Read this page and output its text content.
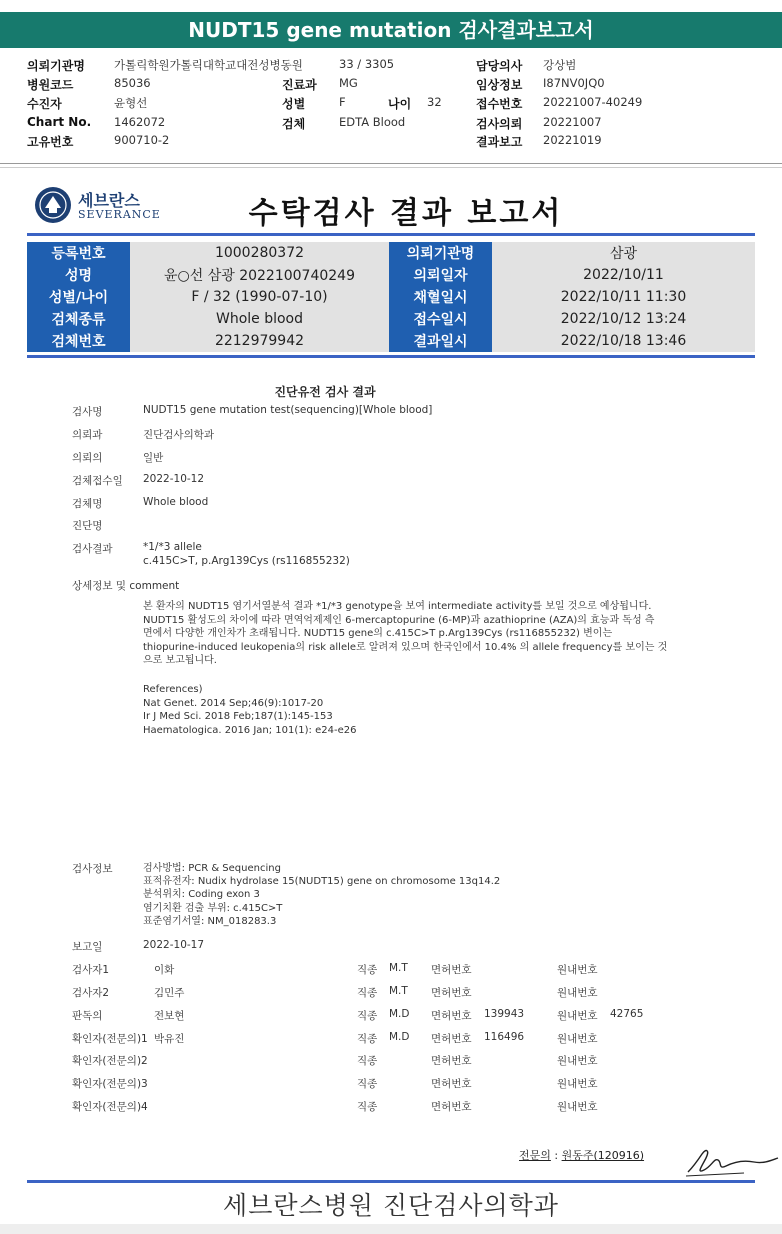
NUDT15 gene mutation 검사결과보고서
의뢰기관명	가톨릭학원가톨릭대학교대전성병동원	33 / 3305	담당의사 강상범
병원코드	85036	진료과 MG	임상정보 I87NV0JQ0
수진자	윤형선	성별	F	나이 32	접수번호 20221007-40249
Chart No. 1462072	검체	EDTA Blood	검사의뢰 20221007
고유번호	900710-2	결과보고 20221019
세브란스
SEVERANCE	수탁검사 결과 보고서
등록번호	1000280372	의뢰기관명	삼광
성명	윤○선 삼광 2022100740249	의뢰일자	2022/10/11
성별/나이	F / 32 (1990-07-10)	채혈일시	2022/10/11 11:30
검체종류	Whole blood	접수일시	2022/10/12 13:24
검체번호	2212979942	결과일시	2022/10/18 13:46
진단유전 검사 결과
검사명	NUDT15 gene mutation test(sequencing)[Whole blood]
의뢰과	진단검사의학과
의뢰의	일반
검체접수일 2022-10-12
검체명	Whole blood
진단명
검사결과	*1/*3 allele
c.415C>T, p.Arg139Cys (rs116855232)
상세정보 및 comment
본 환자의 NUDT15 염기서열분석 결과 *1/*3 genotype을 보여 intermediate activity를 보일 것으로 예상됩니다.
NUDT15 활성도의 차이에 따라 면역억제제인 6-mercaptopurine (6-MP)과 azathioprine (AZA)의 효능과 독성 측
면에서 다양한 개인차가 초래됩니다. NUDT15 gene의 c.415C>T p.Arg139Cys (rs116855232) 변이는
thiopurine-induced leukopenia의 risk allele로 알려져 있으며 한국인에서 10.4% 의 allele frequency를 보이는 것
으로 보고됩니다.
References)
Nat Genet. 2014 Sep;46(9):1017-20
Ir J Med Sci. 2018 Feb;187(1):145-153
Haematologica. 2016 Jan; 101(1): e24-e26
검사정보	검사방법: PCR & Sequencing
표적유전자: Nudix hydrolase 15(NUDT15) gene on chromosome 13q14.2
분석위치: Coding exon 3
염기치환 검출 부위: c.415C>T
표준염기서열: NM_018283.3
보고일	2022-10-17
검사자1	이화	직종 M.T 면허번호	원내번호
검사자2	김민주	직종 M.T 면허번호	원내번호
판독의	전보현	직종 M.D 면허번호 139943	원내번호 42765
확인자(전문의)1 박유진	직종 M.D 면허번호 116496	원내번호
확인자(전문의)2	직종	면허번호	원내번호
확인자(전문의)3	직종	면허번호	원내번호
확인자(전문의)4	직종	면허번호	원내번호
전문의 : 원동주(120916)
세브란스병원 진단검사의학과
